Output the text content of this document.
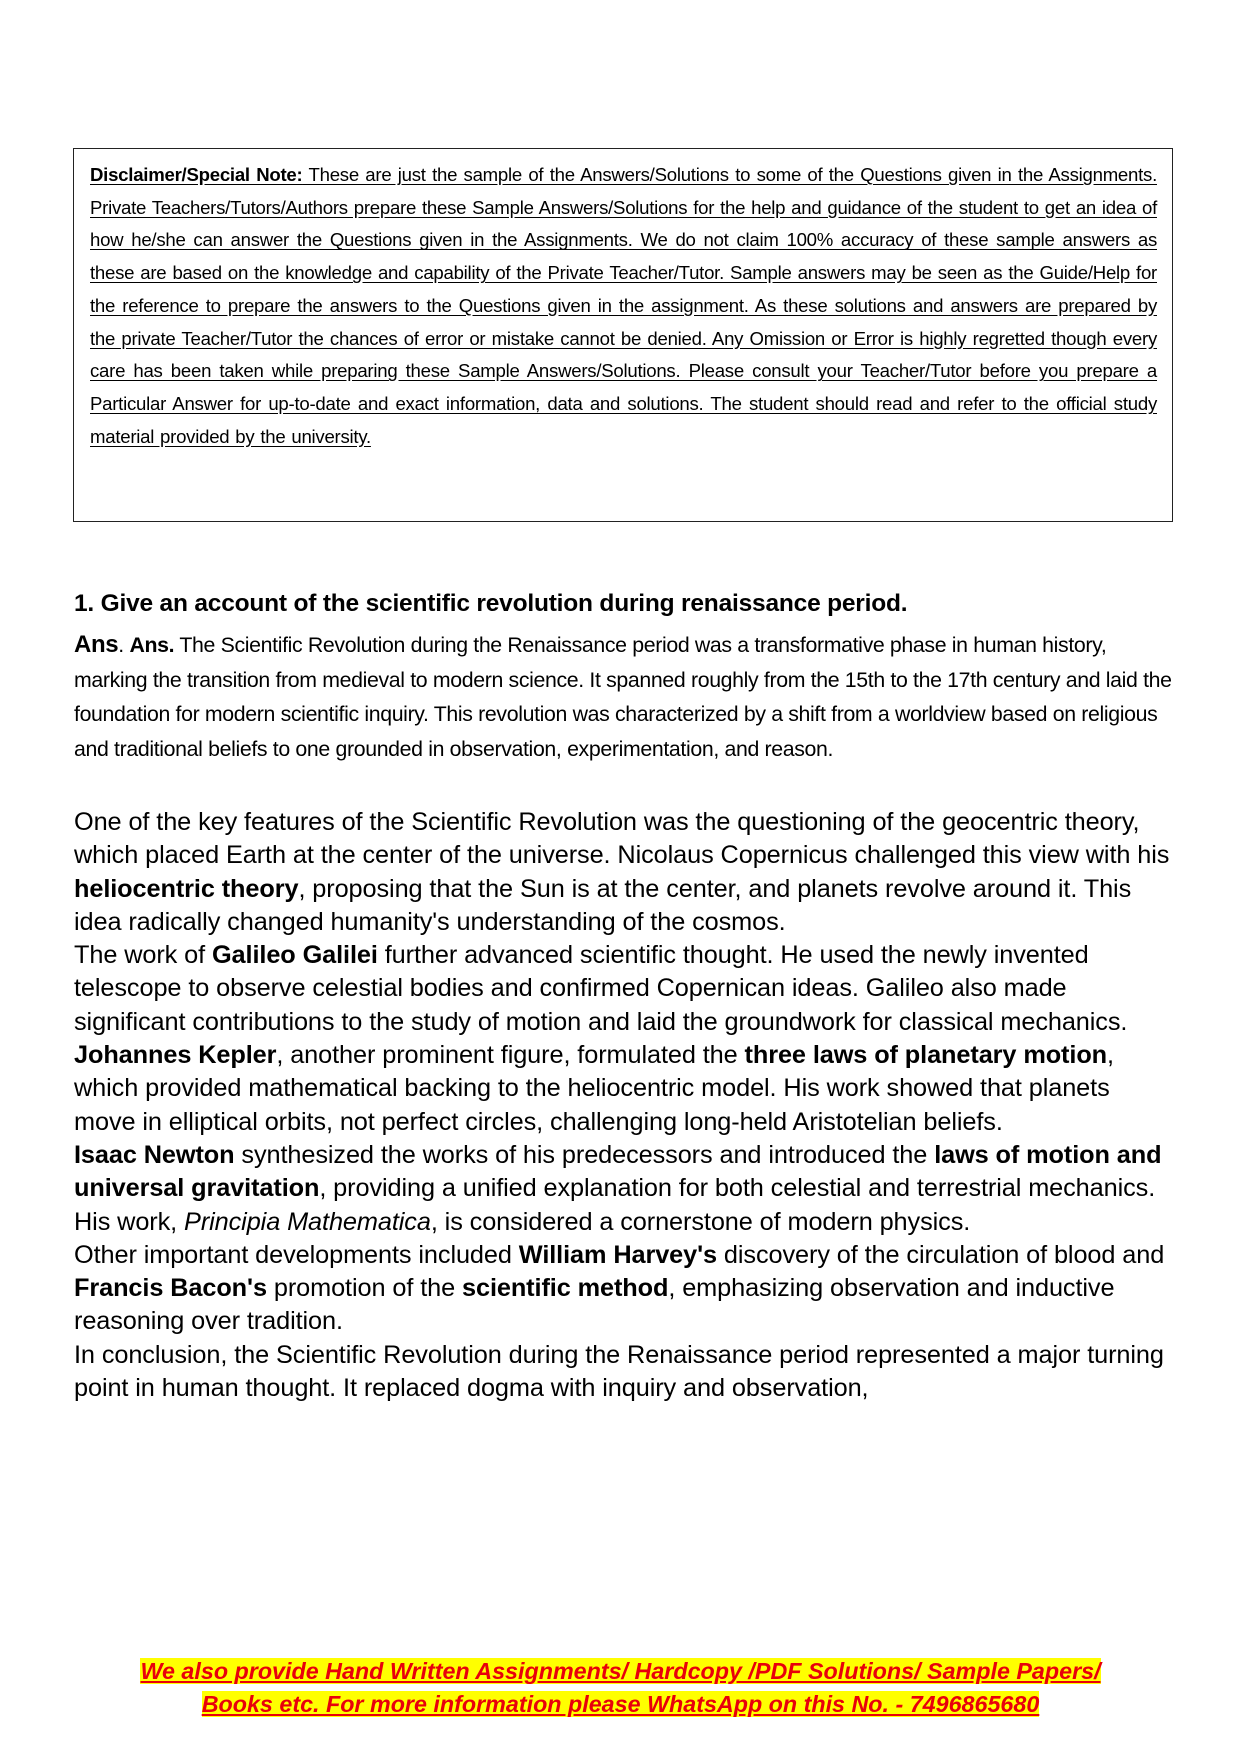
Disclaimer/Special Note: These are just the sample of the Answers/Solutions to some of the Questions given in the Assignments. Private Teachers/Tutors/Authors prepare these Sample Answers/Solutions for the help and guidance of the student to get an idea of how he/she can answer the Questions given in the Assignments. We do not claim 100% accuracy of these sample answers as these are based on the knowledge and capability of the Private Teacher/Tutor. Sample answers may be seen as the Guide/Help for the reference to prepare the answers to the Questions given in the assignment. As these solutions and answers are prepared by the private Teacher/Tutor the chances of error or mistake cannot be denied. Any Omission or Error is highly regretted though every care has been taken while preparing these Sample Answers/Solutions. Please consult your Teacher/Tutor before you prepare a Particular Answer for up-to-date and exact information, data and solutions. The student should read and refer to the official study material provided by the university.

1. Give an account of the scientific revolution during renaissance period.

Ans. Ans. The Scientific Revolution during the Renaissance period was a transformative phase in human history, marking the transition from medieval to modern science. It spanned roughly from the 15th to the 17th century and laid the foundation for modern scientific inquiry. This revolution was characterized by a shift from a worldview based on religious and traditional beliefs to one grounded in observation, experimentation, and reason.

One of the key features of the Scientific Revolution was the questioning of the geocentric theory, which placed Earth at the center of the universe. Nicolaus Copernicus challenged this view with his heliocentric theory, proposing that the Sun is at the center, and planets revolve around it. This idea radically changed humanity's understanding of the cosmos.

The work of Galileo Galilei further advanced scientific thought. He used the newly invented telescope to observe celestial bodies and confirmed Copernican ideas. Galileo also made significant contributions to the study of motion and laid the groundwork for classical mechanics.

Johannes Kepler, another prominent figure, formulated the three laws of planetary motion, which provided mathematical backing to the heliocentric model. His work showed that planets move in elliptical orbits, not perfect circles, challenging long-held Aristotelian beliefs.

Isaac Newton synthesized the works of his predecessors and introduced the laws of motion and universal gravitation, providing a unified explanation for both celestial and terrestrial mechanics. His work, Principia Mathematica, is considered a cornerstone of modern physics.

Other important developments included William Harvey's discovery of the circulation of blood and Francis Bacon's promotion of the scientific method, emphasizing observation and inductive reasoning over tradition.

In conclusion, the Scientific Revolution during the Renaissance period represented a major turning point in human thought. It replaced dogma with inquiry and observation,

We also provide Hand Written Assignments/ Hardcopy /PDF Solutions/ Sample Papers/
Books etc. For more information please WhatsApp on this No. - 7496865680
